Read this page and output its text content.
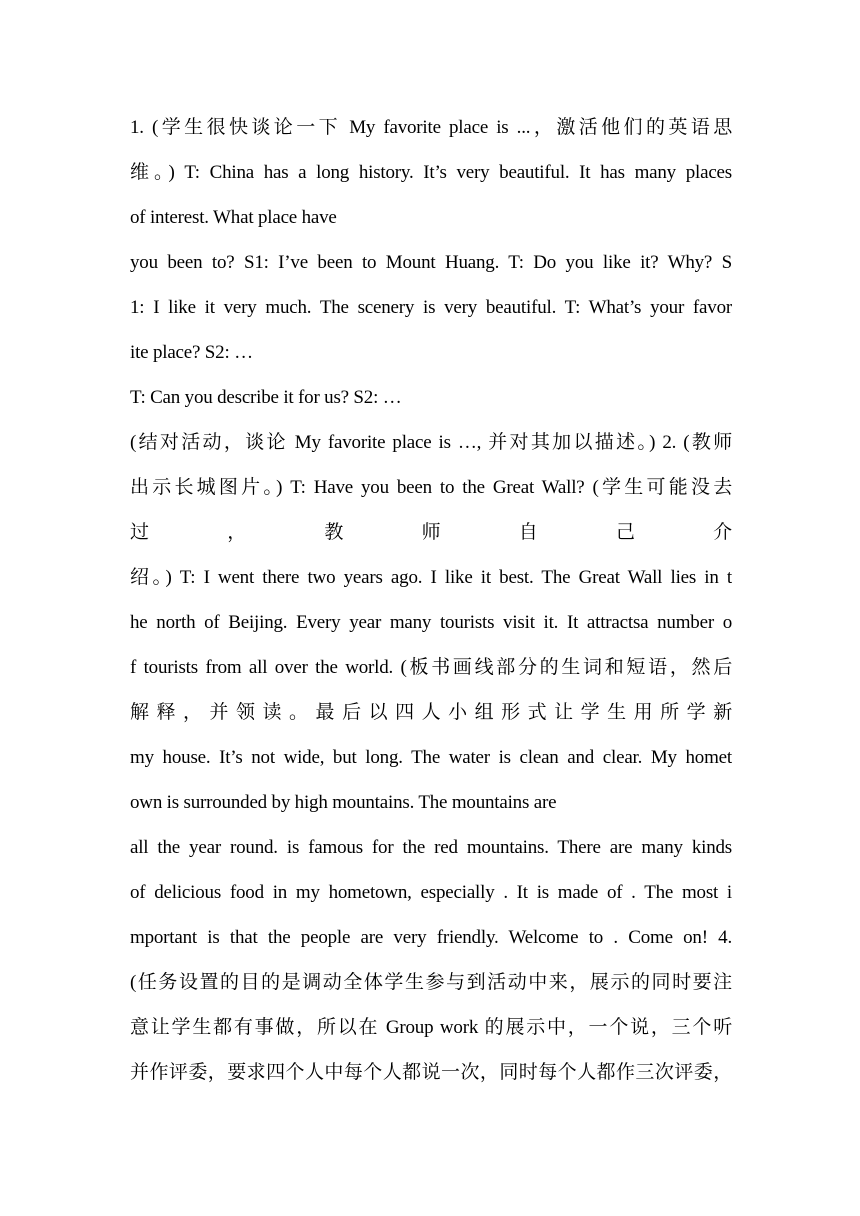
1. (学生很快谈论一下 My favorite place is ...，激活他们的英语思
维。) T: China has a long history. It’s very beautiful. It has many places
of interest. What place have
you been to? S1: I’ve been to Mount Huang. T: Do you like it? Why? S
1: I like it very much. The scenery is very beautiful. T: What’s your favor
ite place? S2: …
T: Can you describe it for us? S2: …
(结对活动，谈论 My favorite place is …, 并对其加以描述。) 2. (教师
出示长城图片。) T: Have you been to the Great Wall? (学生可能没去
过	，	教	师	自	己	介
绍。) T: I went there two years ago. I like it best. The Great Wall lies in t
he north of Beijing. Every year many tourists visit it. It attractsa number o
f tourists from all over the world. (板书画线部分的生词和短语，然后
解释，并领读。最后以四人小组形式让学生用所学新
my house. It’s not wide, but long. The water is clean and clear. My homet
own is surrounded by high mountains. The mountains are
all the year round. is famous for the red mountains. There are many kinds
of delicious food in my hometown, especially . It is made of . The most i
mportant is that the people are very friendly. Welcome to . Come on! 4.
(任务设置的目的是调动全体学生参与到活动中来，展示的同时要注
意让学生都有事做，所以在 Group work 的展示中，一个说，三个听
并作评委，要求四个人中每个人都说一次，同时每个人都作三次评委，
